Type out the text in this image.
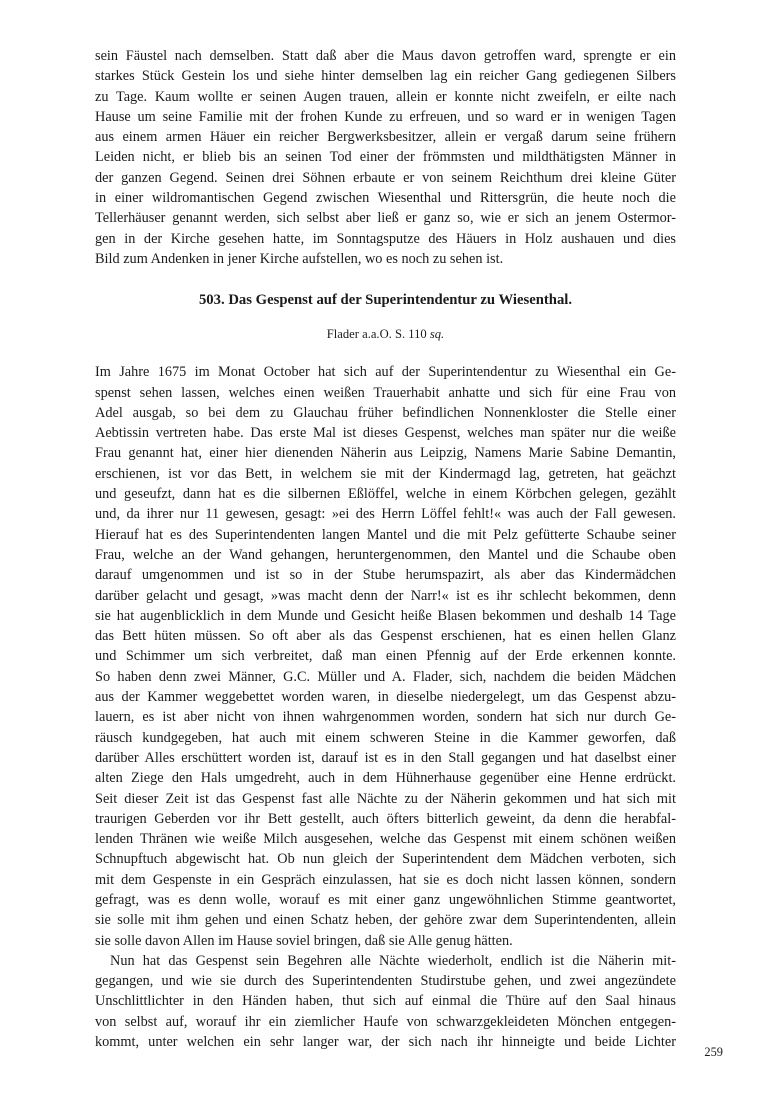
sein Fäustel nach demselben. Statt daß aber die Maus davon getroffen ward, sprengte er ein
starkes Stück Gestein los und siehe hinter demselben lag ein reicher Gang gediegenen Silbers
zu Tage. Kaum wollte er seinen Augen trauen, allein er konnte nicht zweifeln, er eilte nach
Hause um seine Familie mit der frohen Kunde zu erfreuen, und so ward er in wenigen Tagen
aus einem armen Häuer ein reicher Bergwerksbesitzer, allein er vergaß darum seine frühern
Leiden nicht, er blieb bis an seinen Tod einer der frömmsten und mildthätigsten Männer in
der ganzen Gegend. Seinen drei Söhnen erbaute er von seinem Reichthum drei kleine Güter
in einer wildromantischen Gegend zwischen Wiesenthal und Rittersgrün, die heute noch die
Tellerhäuser genannt werden, sich selbst aber ließ er ganz so, wie er sich an jenem Ostermor-
gen in der Kirche gesehen hatte, im Sonntagsputze des Häuers in Holz aushauen und dies
Bild zum Andenken in jener Kirche aufstellen, wo es noch zu sehen ist.
503. Das Gespenst auf der Superintendentur zu Wiesenthal.
Flader a.a.O. S. 110 sq.
Im Jahre 1675 im Monat October hat sich auf der Superintendentur zu Wiesenthal ein Ge-
spenst sehen lassen, welches einen weißen Trauerhabit anhatte und sich für eine Frau von
Adel ausgab, so bei dem zu Glauchau früher befindlichen Nonnenkloster die Stelle einer
Aebtissin vertreten habe. Das erste Mal ist dieses Gespenst, welches man später nur die weiße
Frau genannt hat, einer hier dienenden Näherin aus Leipzig, Namens Marie Sabine Demantin,
erschienen, ist vor das Bett, in welchem sie mit der Kindermagd lag, getreten, hat geächzt
und geseufzt, dann hat es die silbernen Eßlöffel, welche in einem Körbchen gelegen, gezählt
und, da ihrer nur 11 gewesen, gesagt: »ei des Herrn Löffel fehlt!« was auch der Fall gewesen.
Hierauf hat es des Superintendenten langen Mantel und die mit Pelz gefütterte Schaube seiner
Frau, welche an der Wand gehangen, heruntergenommen, den Mantel und die Schaube oben
darauf umgenommen und ist so in der Stube herumspazirt, als aber das Kindermädchen
darüber gelacht und gesagt, »was macht denn der Narr!« ist es ihr schlecht bekommen, denn
sie hat augenblicklich in dem Munde und Gesicht heiße Blasen bekommen und deshalb 14 Tage
das Bett hüten müssen. So oft aber als das Gespenst erschienen, hat es einen hellen Glanz
und Schimmer um sich verbreitet, daß man einen Pfennig auf der Erde erkennen konnte.
So haben denn zwei Männer, G.C. Müller und A. Flader, sich, nachdem die beiden Mädchen
aus der Kammer weggebettet worden waren, in dieselbe niedergelegt, um das Gespenst abzu-
lauern, es ist aber nicht von ihnen wahrgenommen worden, sondern hat sich nur durch Ge-
räusch kundgegeben, hat auch mit einem schweren Steine in die Kammer geworfen, daß
darüber Alles erschüttert worden ist, darauf ist es in den Stall gegangen und hat daselbst einer
alten Ziege den Hals umgedreht, auch in dem Hühnerhause gegenüber eine Henne erdrückt.
Seit dieser Zeit ist das Gespenst fast alle Nächte zu der Näherin gekommen und hat sich mit
traurigen Geberden vor ihr Bett gestellt, auch öfters bitterlich geweint, da denn die herabfal-
lenden Thränen wie weiße Milch ausgesehen, welche das Gespenst mit einem schönen weißen
Schnupftuch abgewischt hat. Ob nun gleich der Superintendent dem Mädchen verboten, sich
mit dem Gespenste in ein Gespräch einzulassen, hat sie es doch nicht lassen können, sondern
gefragt, was es denn wolle, worauf es mit einer ganz ungewöhnlichen Stimme geantwortet,
sie solle mit ihm gehen und einen Schatz heben, der gehöre zwar dem Superintendenten, allein
sie solle davon Allen im Hause soviel bringen, daß sie Alle genug hätten.
Nun hat das Gespenst sein Begehren alle Nächte wiederholt, endlich ist die Näherin mit-
gegangen, und wie sie durch des Superintendenten Studirstube gehen, und zwei angezündete
Unschlittlichter in den Händen haben, thut sich auf einmal die Thüre auf den Saal hinaus
von selbst auf, worauf ihr ein ziemlicher Haufe von schwarzgekleideten Mönchen entgegen-
kommt, unter welchen ein sehr langer war, der sich nach ihr hinneigte und beide Lichter
259
